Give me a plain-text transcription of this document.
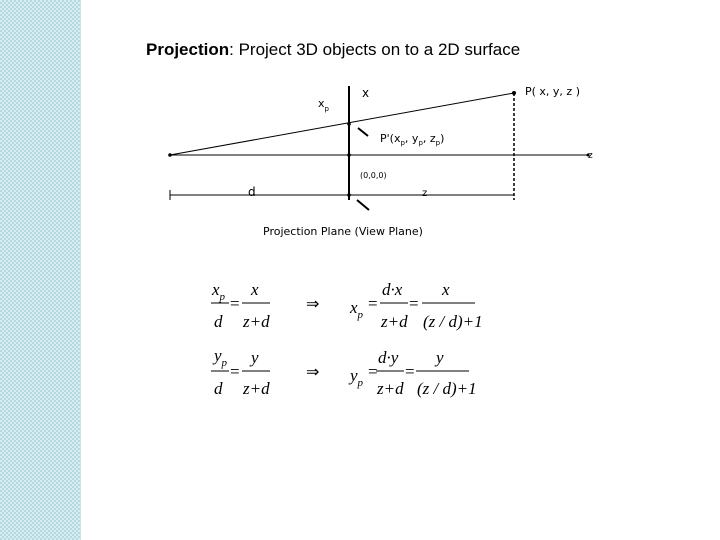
Projection: Project 3D objects on to a 2D surface
$x_p$
x	P( x, y, z )
$P'(x_p$, $y_p$, $z_p$)
z
(0,0,0)
d	z
Projection Plane (View Plane)
$x_p$
d
=
x
z+d
⇒ $x_p$
=
d·x
z+d
=
x
(z / d)+1
$y_p$
d
=
y
z+d
⇒ $y_p$
=
d·y
z+d
=
y
(z / d)+1
